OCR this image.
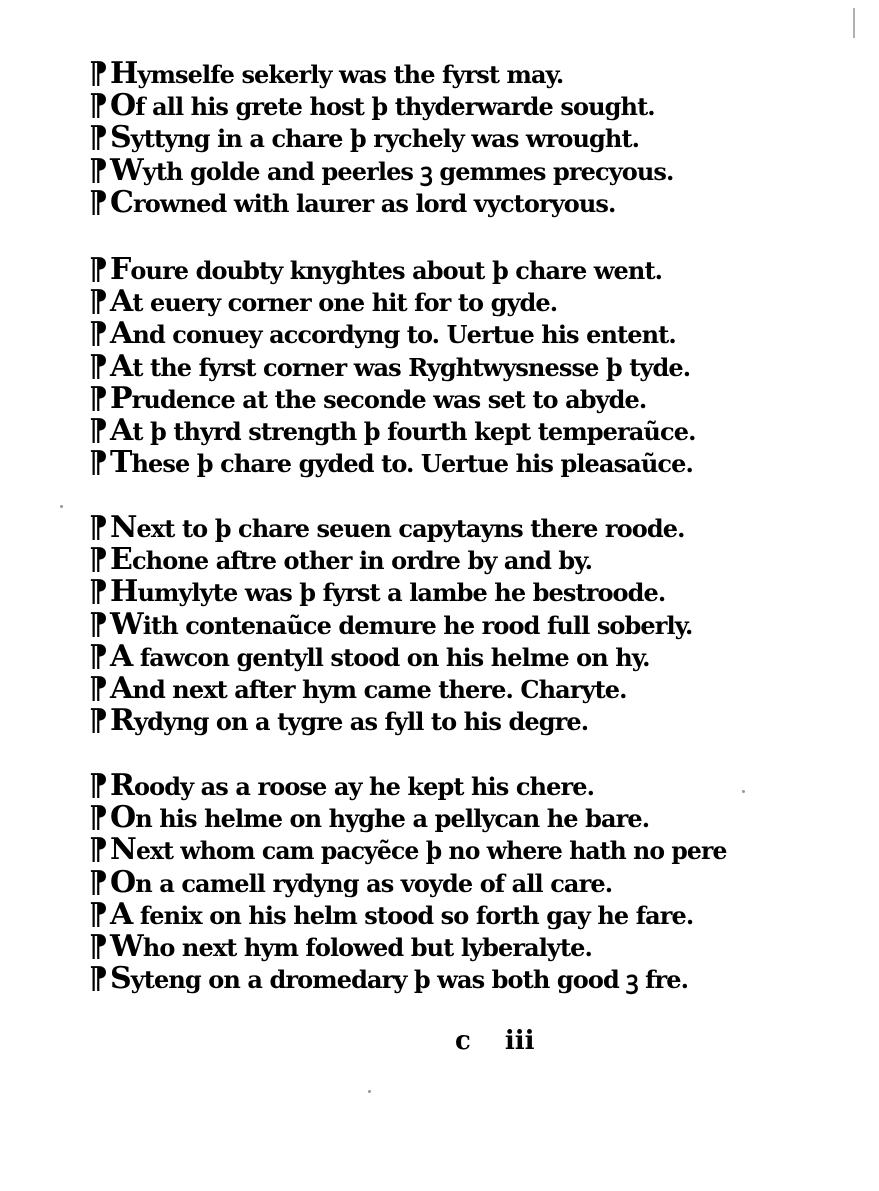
¶Hymselfe sekerly was the fyrst may.
¶Of all his grete host þ thyderwarde sought.
¶Syttyng in a chare þ rychely was wrought.
¶Wyth golde and peerles ꝫ gemmes precyous.
¶Crowned with laurer as lord vyctoryous.
¶Foure doubty knyghtes about þ chare went.
¶At euery corner one hit for to gyde.
¶And conuey accordyng to. Uertue his entent.
¶At the fyrst corner was Ryghtwysnesse þ tyde.
¶Prudence at the seconde was set to abyde.
¶At þ thyrd strength þ fourth kept temperaũce.
¶These þ chare gyded to. Uertue his pleasaũce.
¶Next to þ chare seuen capytayns there roode.
¶Echone aftre other in ordre by and by.
¶Humylyte was þ fyrst a lambe he bestroode.
¶With contenaũce demure he rood full soberly.
¶A fawcon gentyll stood on his helme on hy.
¶And next after hym came there. Charyte.
¶Rydyng on a tygre as fyll to his degre.
¶Roody as a roose ay he kept his chere.
¶On his helme on hyghe a pellycan he bare.
¶Next whom cam pacyẽce þ no where hath no pere
¶On a camell rydyng as voyde of all care.
¶A fenix on his helm stood so forth gay he fare.
¶Who next hym folowed but lyberalyte.
¶Syteng on a dromedary þ was both good ꝫ fre.
c iii
